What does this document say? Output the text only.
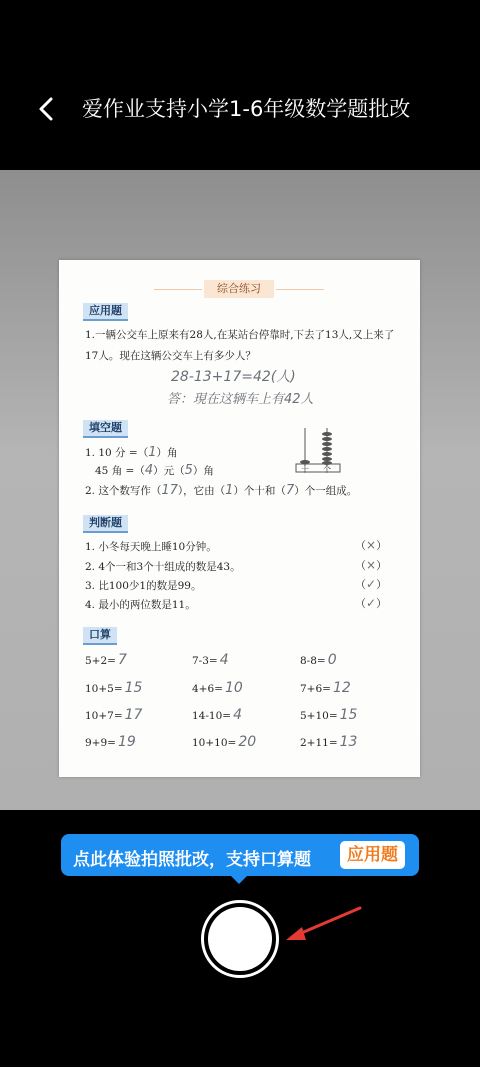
爱作业支持小学1-6年级数学题批改
综合练习
应用题
1.一辆公交车上原来有28人,在某站台停靠时,下去了13人,又上来了
17人。现在这辆公交车上有多少人？
28-13+17=42(人)
答：現在这辆车上有42人
填空题
1. 10 分 =（1）角
45 角 =（4）元（5）角
2. 这个数写作（17），它由（1）个十和（7）个一组成。
十 个
判断题
1. 小冬每天晚上睡10分钟。	（×）
2. 4个一和3个十组成的数是43。	（×）
3. 比100少1的数是99。	（✓）
4. 最小的两位数是11。	（✓）
口算
5+2= 7	7-3= 4	8-8= 0
10+5= 15	4+6= 10	7+6= 12
10+7= 17	14-10= 4	5+10= 15
9+9= 19	10+10= 20	2+11= 13
点此体验拍照批改，支持口算题	应用题
